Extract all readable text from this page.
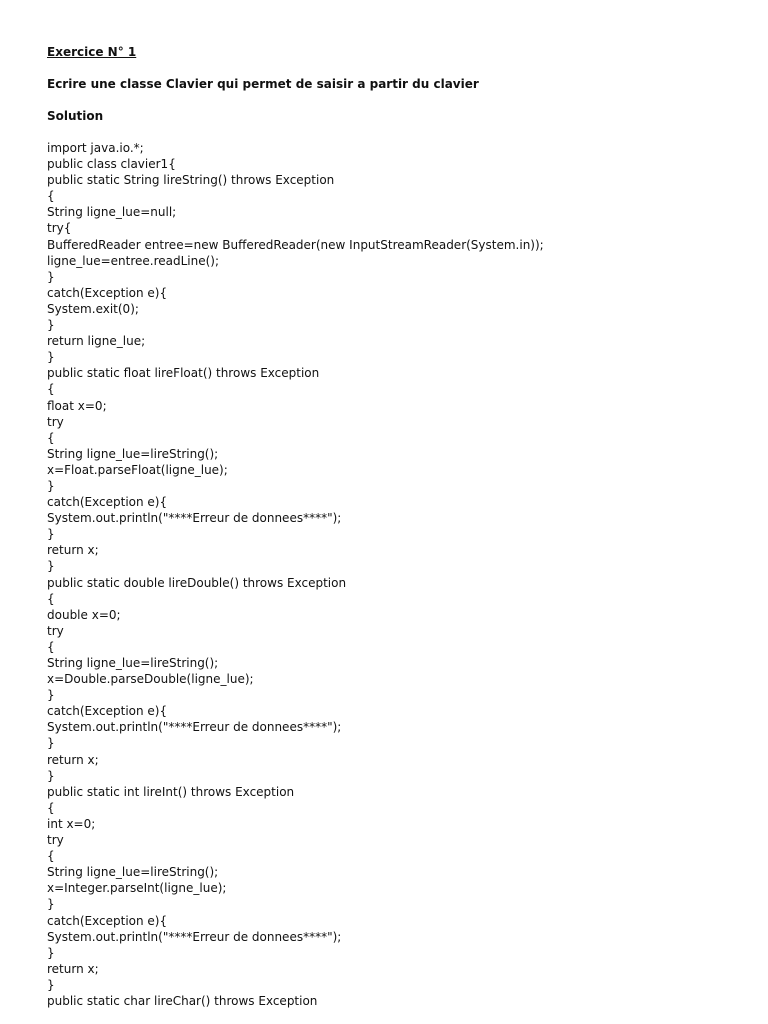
Exercice N° 1
Ecrire une classe Clavier qui permet de saisir a partir du clavier
Solution
import java.io.*;
public class clavier1{
public static String lireString() throws Exception
{
String ligne_lue=null;
try{
BufferedReader entree=new BufferedReader(new InputStreamReader(System.in));
ligne_lue=entree.readLine();
}
catch(Exception e){
System.exit(0);
}
return ligne_lue;
}
public static float lireFloat() throws Exception
{
float x=0;
try
{
String ligne_lue=lireString();
x=Float.parseFloat(ligne_lue);
}
catch(Exception e){
System.out.println("****Erreur de donnees****");
}
return x;
}
public static double lireDouble() throws Exception
{
double x=0;
try
{
String ligne_lue=lireString();
x=Double.parseDouble(ligne_lue);
}
catch(Exception e){
System.out.println("****Erreur de donnees****");
}
return x;
}
public static int lireInt() throws Exception
{
int x=0;
try
{
String ligne_lue=lireString();
x=Integer.parseInt(ligne_lue);
}
catch(Exception e){
System.out.println("****Erreur de donnees****");
}
return x;
}
public static char lireChar() throws Exception
